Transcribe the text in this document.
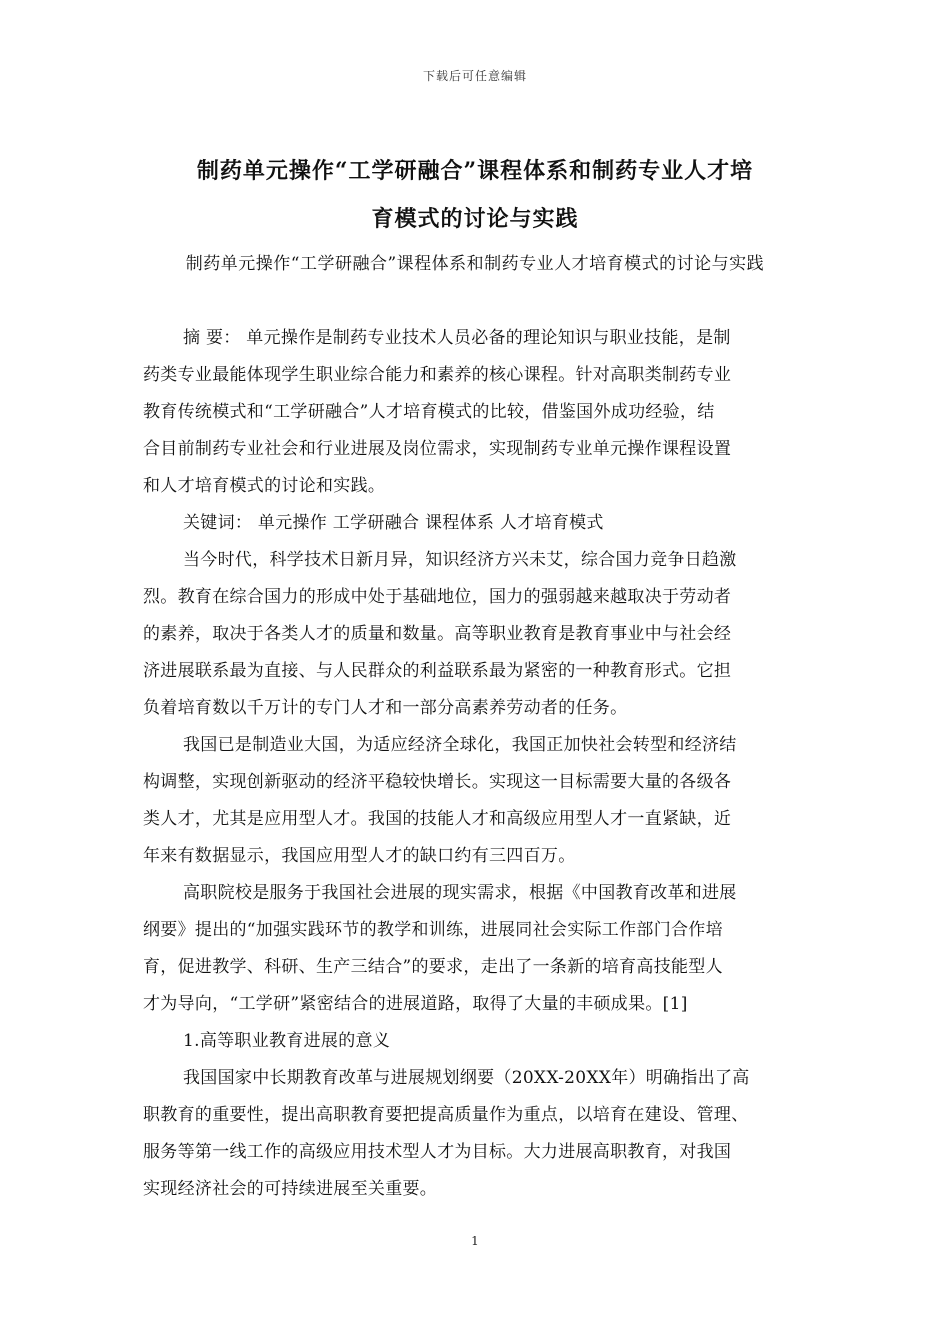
下载后可任意编辑
制药单元操作“工学研融合”课程体系和制药专业人才培
育模式的讨论与实践
制药单元操作“工学研融合”课程体系和制药专业人才培育模式的讨论与实践
摘 要： 单元操作是制药专业技术人员必备的理论知识与职业技能，是制
药类专业最能体现学生职业综合能力和素养的核心课程。针对高职类制药专业
教育传统模式和“工学研融合”人才培育模式的比较，借鉴国外成功经验，结
合目前制药专业社会和行业进展及岗位需求，实现制药专业单元操作课程设置
和人才培育模式的讨论和实践。
关键词： 单元操作 工学研融合 课程体系 人才培育模式
当今时代，科学技术日新月异，知识经济方兴未艾，综合国力竞争日趋激
烈。教育在综合国力的形成中处于基础地位，国力的强弱越来越取决于劳动者
的素养，取决于各类人才的质量和数量。高等职业教育是教育事业中与社会经
济进展联系最为直接、与人民群众的利益联系最为紧密的一种教育形式。它担
负着培育数以千万计的专门人才和一部分高素养劳动者的任务。
我国已是制造业大国，为适应经济全球化，我国正加快社会转型和经济结
构调整，实现创新驱动的经济平稳较快增长。实现这一目标需要大量的各级各
类人才，尤其是应用型人才。我国的技能人才和高级应用型人才一直紧缺，近
年来有数据显示，我国应用型人才的缺口约有三四百万。
高职院校是服务于我国社会进展的现实需求，根据《中国教育改革和进展
纲要》提出的“加强实践环节的教学和训练，进展同社会实际工作部门合作培
育，促进教学、科研、生产三结合”的要求，走出了一条新的培育高技能型人
才为导向，“工学研”紧密结合的进展道路，取得了大量的丰硕成果。[1]
1.高等职业教育进展的意义
我国国家中长期教育改革与进展规划纲要（20XX-20XX年）明确指出了高
职教育的重要性，提出高职教育要把提高质量作为重点，以培育在建设、管理、
服务等第一线工作的高级应用技术型人才为目标。大力进展高职教育，对我国
实现经济社会的可持续进展至关重要。
1
